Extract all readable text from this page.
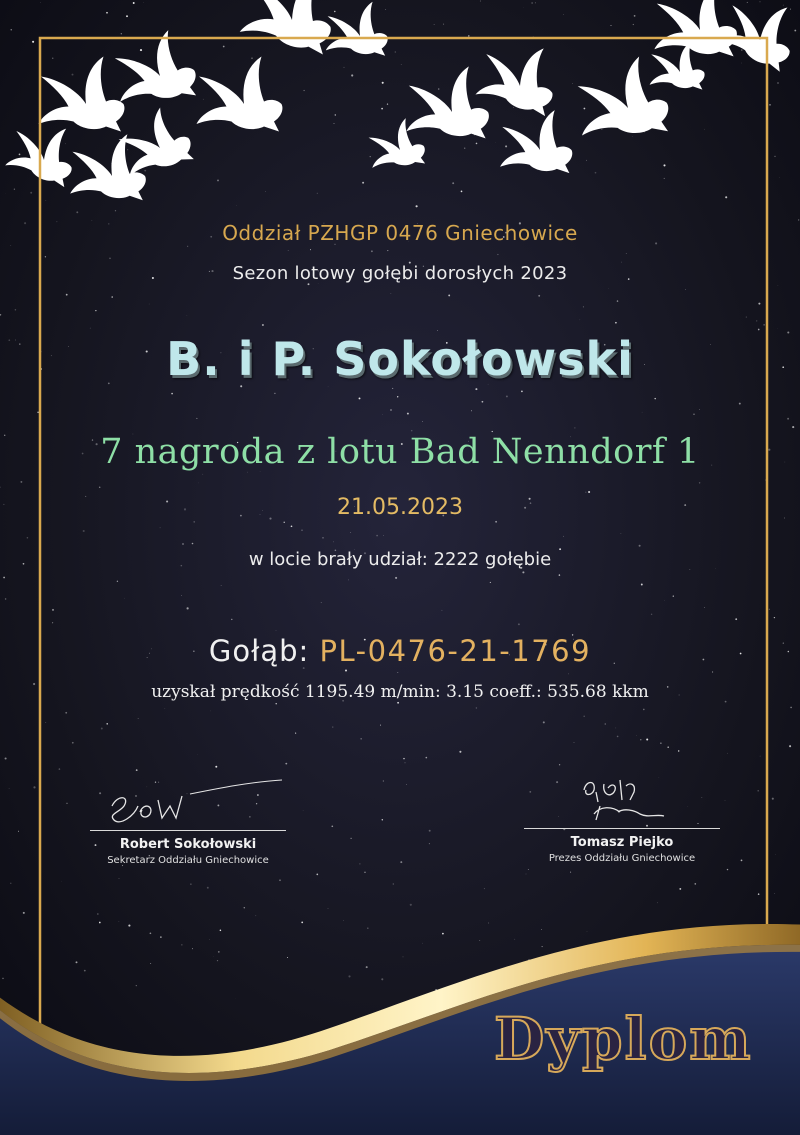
Oddział PZHGP 0476 Gniechowice
Sezon lotowy gołębi dorosłych 2023
B. i P. Sokołowski
7 nagroda z lotu Bad Nenndorf 1
21.05.2023
w locie brały udział: 2222 gołębie
Gołąb: PL-0476-21-1769
uzyskał prędkość 1195.49 m/min: 3.15 coeff.: 535.68 kkm
Robert Sokołowski
Sekretarz Oddziału Gniechowice
Tomasz Piejko
Prezes Oddziału Gniechowice
Dyplom
